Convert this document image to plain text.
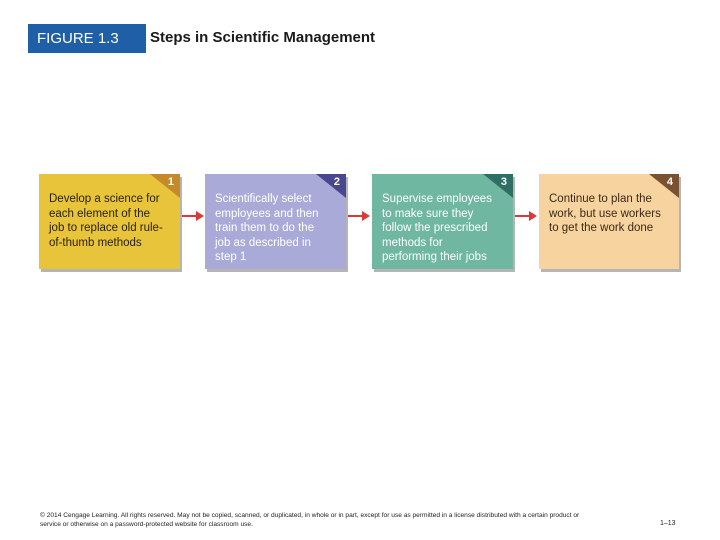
FIGURE 1.3	Steps in Scientific Management
1
Develop a science for each element of the job to replace old rule-of-thumb methods
2
Scientifically select employees and then train them to do the job as described in step 1
3
Supervise employees to make sure they follow the prescribed methods for performing their jobs
4
Continue to plan the work, but use workers to get the work done
© 2014 Cengage Learning. All rights reserved. May not be copied, scanned, or duplicated, in whole or in part, except for use as permitted in a license distributed with a certain product or service or otherwise on a password-protected website for classroom use.	1–13
